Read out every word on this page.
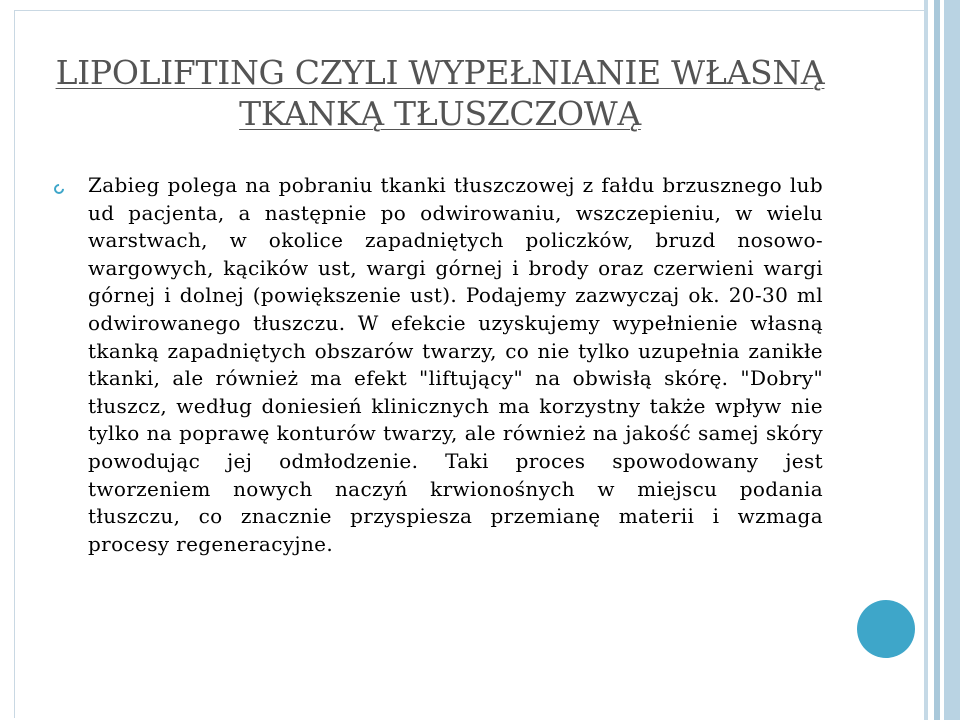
LIPOLIFTING CZYLI WYPEŁNIANIE WŁASNĄ TKANKĄ TŁUSZCZOWĄ

Zabieg polega na pobraniu tkanki tłuszczowej z fałdu brzusznego lub ud pacjenta, a następnie po odwirowaniu, wszczepieniu, w wielu warstwach, w okolice zapadniętych policzków, bruzd nosowo-wargowych, kącików ust, wargi górnej i brody oraz czerwieni wargi górnej i dolnej (powiększenie ust). Podajemy zazwyczaj ok. 20-30 ml odwirowanego tłuszczu. W efekcie uzyskujemy wypełnienie własną tkanką zapadniętych obszarów twarzy, co nie tylko uzupełnia zanikłe tkanki, ale również ma efekt "liftujący" na obwisłą skórę. "Dobry" tłuszcz, według doniesień klinicznych ma korzystny także wpływ nie tylko na poprawę konturów twarzy, ale również na jakość samej skóry powodując jej odmłodzenie. Taki proces spowodowany jest tworzeniem nowych naczyń krwionośnych w miejscu podania tłuszczu, co znacznie przyspiesza przemianę materii i wzmaga procesy regeneracyjne.
